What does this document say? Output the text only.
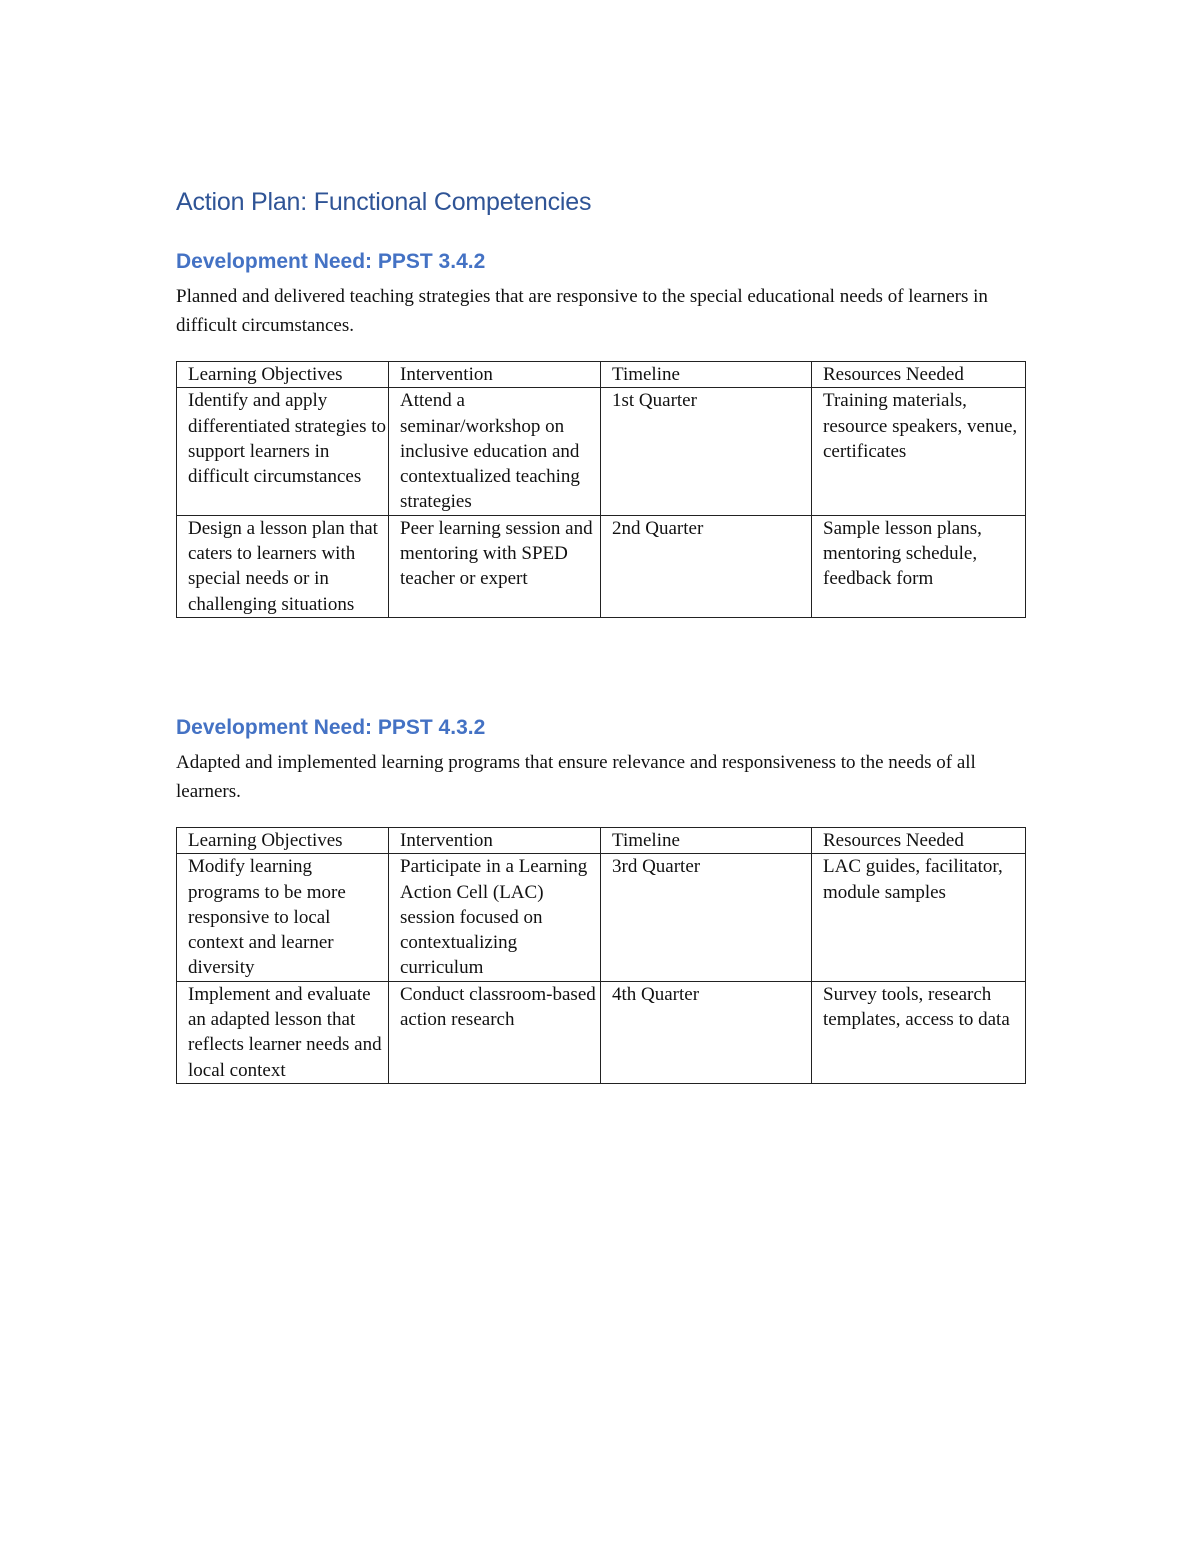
Action Plan: Functional Competencies
Development Need: PPST 3.4.2

Planned and delivered teaching strategies that are responsive to the special educational needs of learners in difficult circumstances.

Learning Objectives	Intervention	Timeline	Resources Needed
Identify and apply differentiated strategies to support learners in difficult circumstances	Attend a seminar/workshop on inclusive education and contextualized teaching strategies	1st Quarter	Training materials, resource speakers, venue, certificates
Design a lesson plan that caters to learners with special needs or in challenging situations	Peer learning session and mentoring with SPED teacher or expert	2nd Quarter	Sample lesson plans, mentoring schedule, feedback form
Development Need: PPST 4.3.2

Adapted and implemented learning programs that ensure relevance and responsiveness to the needs of all learners.

Learning Objectives	Intervention	Timeline	Resources Needed
Modify learning programs to be more responsive to local context and learner diversity	Participate in a Learning Action Cell (LAC) session focused on contextualizing curriculum	3rd Quarter	LAC guides, facilitator, module samples
Implement and evaluate an adapted lesson that reflects learner needs and local context	Conduct classroom-based action research	4th Quarter	Survey tools, research templates, access to data
